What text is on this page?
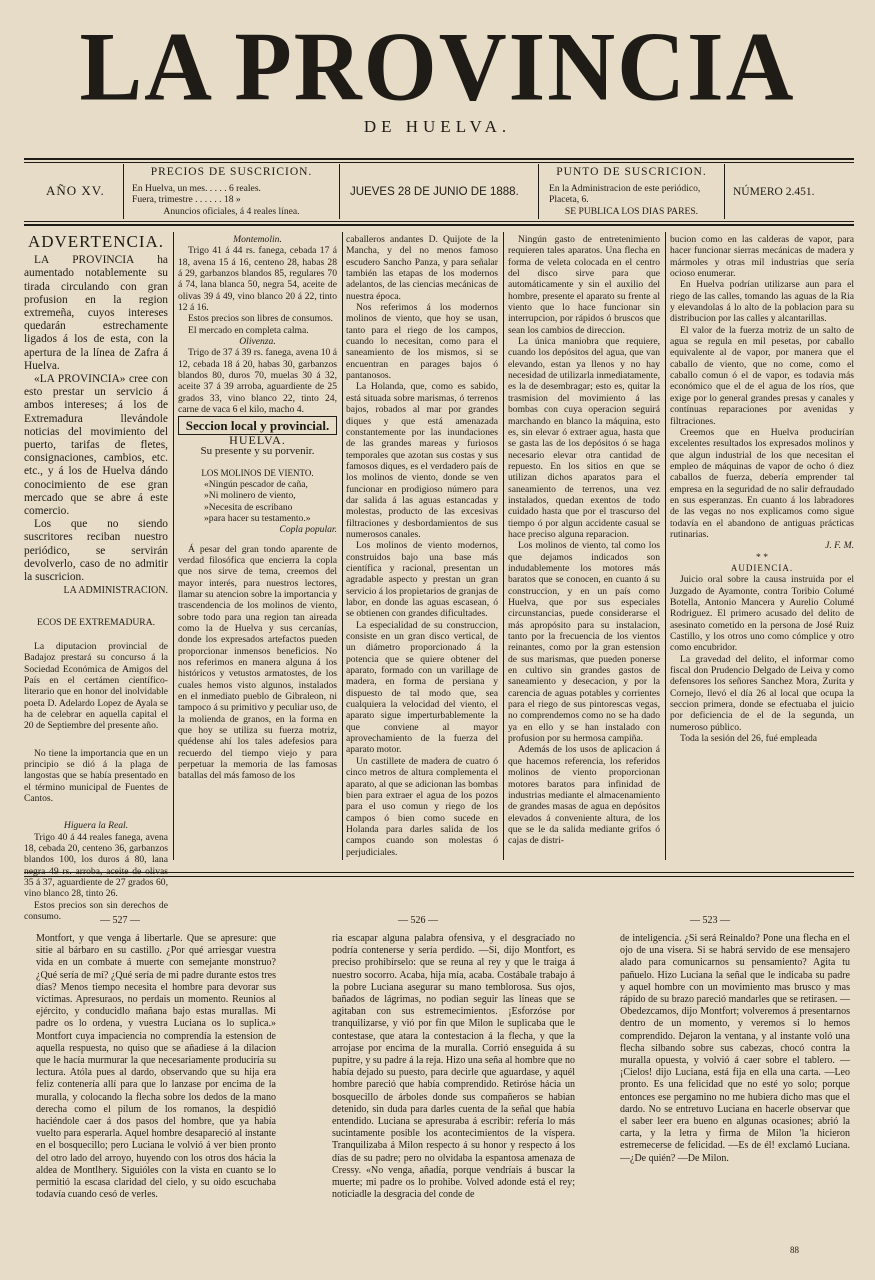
LA PROVINCIA
DE HUELVA.
AÑO XV.
PRECIOS DE SUSCRICION.
En Huelva, un mes. . . . . 6 reales.
Fuera, trimestre . . . . . . 18 »
Anuncios oficiales, á 4 reales línea.
JUEVES 28 DE JUNIO DE 1888.
PUNTO DE SUSCRICION.
En la Administracion de este periódico,
Placeta, 6.
SE PUBLICA LOS DIAS PARES.
NÚMERO 2.451.

ADVERTENCIA.

LA PROVINCIA ha aumentado notablemente su tirada circulando con gran profusion en la region extremeña, cuyos intereses quedarán estrechamente ligados á los de esta, con la apertura de la línea de Zafra á Huelva.

«LA PROVINCIA» cree con esto prestar un servicio á ambos intereses; á los de Extremadura llevándole noticias del movimiento del puerto, tarifas de fletes, consignaciones, cambios, etc. etc., y á los de Huelva dándo conocimiento de ese gran mercado que se abre á este comercio.

Los que no siendo suscritores reciban nuestro periódico, se servirán devolverlo, caso de no admitir la suscricion.

LA ADMINISTRACION.

ECOS DE EXTREMADURA.

La diputacion provincial de Badajoz prestará su concurso á la Sociedad Económica de Amigos del País en el certámen científico-literario que en honor del inolvidable poeta D. Adelardo Lopez de Ayala se ha de celebrar en aquella capital el 20 de Septiembre del presente año.

No tiene la importancia que en un principio se dió á la plaga de langostas que se había presentado en el término municipal de Fuentes de Cantos.

Higuera la Real.

Trigo 40 á 44 reales fanega, avena 18, cebada 20, centeno 36, garbanzos blandos 100, los duros á 80, lana 35 á 37, aguardiente de 27 grados 60, vino blanco 28, tinto 26.

Estos precios son sin derechos de consumo.

Montemolin.

Trigo 41 á 44 rs. fanega, cebada 17 á 18, avena 15 á 16, centeno 28, habas 28 á 29, garbanzos blandos 85, regulares 70 á 74, lana blanca 50, negra 54, aceite de olivas 39 á 49, vino blanco 20 á 22, tinto 12 á 16.

Estos precios son libres de consumos.

El mercado en completa calma.

Olivenza.

Trigo de 37 á 39 rs. fanega, avena 10 á 12, cebada 18 á 20, habas 30, garbanzos blandos 80, duros 70, muelas 30 á 32, aceite 37 á 39 arroba, aguardiente de 25 grados 33, vino blanco 22, tinto 24, carne de vaca 6 el kilo, macho 4.

Seccion local y provincial.

HUELVA.

Su presente y su porvenir.

LOS MOLINOS DE VIENTO.

«Ningún pescador de caña,

»Ni molinero de viento,

»Necesita de escribano

»para hacer su testamento.»

Copla popular.

Á pesar del gran tondo aparente de verdad filosófica que encierra la copla que nos sirve de tema, creemos del mayor interés, para nuestros lectores, llamar su atencion sobre la importancia y trascendencia de los molinos de viento, sobre todo para una region tan aireada como la de Huelva y sus cercanías, donde los expresados artefactos pueden proporcionar inmensos beneficios. No nos referimos en manera alguna á los históricos y vetustos armatostes, de los cuales hemos visto algunos, instalados en el inmediato pueblo de Gibraleon, ni tampoco á su primitivo y peculiar uso, de la molienda de granos, en la forma en que hoy se utiliza su fuerza motriz, quédense ahí los tales adefesios para recuerdo del tiempo viejo y para perpetuar la memoria de las famosas batallas del más famoso de los

caballeros andantes D. Quijote de la Mancha, y del no menos famoso escudero Sancho Panza, y para señalar también las etapas de los modernos adelantos, de las ciencias mecánicas de nuestra época.

Nos referimos á los modernos molinos de viento, que hoy se usan, tanto para el riego de los campos, cuando lo necesitan, como para el saneamiento de los mismos, si se encuentran en parages bajos ó pantanosos.

La Holanda, que, como es sabido, está situada sobre marismas, ó terrenos bajos, robados al mar por grandes diques y que está amenazada constantemente por las inundaciones de las grandes mareas y furiosos temporales que azotan sus costas y sus famosos diques, es el verdadero país de los molinos de viento, donde se ven funcionar en prodigioso número para dar salida á las aguas estancadas y molestas, producto de las excesivas filtraciones y desbordamientos de sus numerosos canales.

Los molinos de viento modernos, construidos bajo una base más científica y racional, presentan un agradable aspecto y prestan un gran servicio á los propietarios de granjas de labor, en donde las aguas escasean, ó se obtienen con grandes dificultades.

La especialidad de su construccion, consiste en un gran disco vertical, de un diámetro proporcionado á la potencia que se quiere obtener del aparato, formado con un varillage de madera, en forma de persiana y dispuesto de tal modo que, sea cualquiera la velocidad del viento, el aparato sigue imperturbablemente la que conviene al mayor aprovechamiento de la fuerza del aparato motor.

Un castillete de madera de cuatro ó cinco metros de altura complementa el aparato, al que se adicionan las bombas bien para extraer el agua de los pozos para el uso comun y riego de los campos ó bien como sucede en Holanda para darles salida de los campos cuando son molestas ó perjudiciales.

Ningún gasto de entretenimiento requieren tales aparatos. Una flecha en forma de veleta colocada en el centro del disco sirve para que automáticamente y sin el auxilio del hombre, presente el aparato su frente al viento que lo hace funcionar sin interrupcion, por rápidos ó bruscos que sean los cambios de direccion.

La única maniobra que requiere, cuando los depósitos del agua, que van elevando, estan ya llenos y no hay necesidad de utilizarla inmediatamente, es la de desembragar; esto es, quitar la trasmision del movimiento á las bombas con cuya operacion seguirá marchando en blanco la máquina, esto es, sin elevar ó extraer agua, hasta que se gasta las de los depósitos ó se haga necesario elevar otra cantidad de repuesto. En los sitios en que se utilizan dichos aparatos para el saneamiento de terrenos, una vez instalados, quedan exentos de todo cuidado hasta que por el trascurso del tiempo ó por algun accidente casual se hace preciso alguna reparacion.

Los molinos de viento, tal como los que dejamos indicados son indudablemente los motores más baratos que se conocen, en cuanto á su construccion, y en un país como Huelva, que por sus especiales circunstancias, puede considerarse el más apropósito para su instalacion, tanto por la frecuencia de los vientos reinantes, como por la gran estension de sus marismas, que pueden ponerse en cultivo sin grandes gastos de saneamiento y desecacion, y por la carencia de aguas potables y corrientes para el riego de sus pintorescas vegas, no comprendemos como no se ha dado ya en ello y se han instalado con profusion por su hermosa campiña.

Además de los usos de aplicacion á que hacemos referencia, los referidos molinos de viento proporcionan motores baratos para infinidad de industrias mediante el almacenamiento de grandes masas de agua en depósitos elevados á conveniente altura, de los que se le da salida mediante grifos ó cajas de distri-

bucion como en las calderas de vapor, para hacer funcionar sierras mecánicas de madera y mármoles y otras mil industrias que sería ocioso enumerar.

En Huelva podrían utilizarse aun para el riego de las calles, tomando las aguas de la Ria y elevandolas á lo alto de la poblacion para su distribucion por las calles y alcantarillas.

El valor de la fuerza motriz de un salto de agua se regula en mil pesetas, por caballo equivalente al de vapor, por manera que el caballo de viento, que no come, como el caballo comun ó el de vapor, es todavia más económico que el de el agua de los ríos, que exige por lo general grandes presas y canales y contínuas reparaciones por avenidas y filtraciones.

Creemos que en Huelva producirían excelentes resultados los expresados molinos y que algun industrial de los que necesitan el empleo de máquinas de vapor de ocho ó diez caballos de fuerza, debería emprender tal empresa en la seguridad de no salir defraudado en sus esperanzas. En cuanto á los labradores de las vegas no nos explicamos como sigue todavía en el abandono de antiguas prácticas rutinarias.

J. F. M.

* *

AUDIENCIA.

Juicio oral sobre la causa instruida por el Juzgado de Ayamonte, contra Toribio Columé Botella, Antonio Mancera y Aurelio Columé Rodriguez. El primero acusado del delito de asesinato cometido en la persona de José Ruiz Castillo, y los otros uno como cómplice y otro como encubridor.

La gravedad del delito, el informar como fiscal don Prudencio Delgado de Leiva y como defensores los señores Sanchez Mora, Zurita y Cornejo, llevó el día 26 al local que ocupa la seccion primera, donde se efectuaba el juicio por deficiencia de el de la segunda, un numeroso público.

Toda la sesión del 26, fué empleada

— 527 —	— 526 —	— 523 —

Montfort, y que venga á libertarle. Que se apresure: que sitie al bárbaro en su castillo. ¿Por qué arriesgar vuestra vida en un combate á muerte con semejante monstruo? ¿Qué sería de mí? ¿Qué sería de mi padre durante estos tres días? Menos tiempo necesita el hombre para devorar sus víctimas. Apresuraos, no perdais un momento. Reunios al ejército, y conducidlo mañana bajo estas murallas. Mi padre os lo ordena, y vuestra Luciana os lo suplica.» Montfort cuya impaciencia no comprendía la estension de aquella respuesta, no quiso que se añadiese á la dilacion que le hacía murmurar la que necesariamente produciría su lectura. Atóla pues al dardo, observando que su hija era feliz contenería allí para que lo lanzase por encima de la muralla, y colocando la flecha sobre los dedos de la mano derecha como el pilum de los romanos, la despidió haciéndole caer á dos pasos del hombre, que ya había vuelto para esperarla. Aquel hombre desapareció al instante en el bosquecillo; pero Luciana le volvió á ver bien pronto del otro lado del arroyo, huyendo con los otros dos hácia la aldea de Montlhery. Siguióles con la vista en cuanto se lo permitió la escasa claridad del cielo, y su oido escuchaba todavía cuando cesó de verles.

ria escapar alguna palabra ofensiva, y el desgraciado no podría contenerse y sería perdido. —Si, dijo Montfort, es preciso prohibírselo: que se reuna al rey y que le traiga á nuestro socorro. Acaba, hija mía, acaba. Costábale trabajo á la pobre Luciana asegurar su mano temblorosa. Sus ojos, bañados de lágrimas, no podian seguir las líneas que se agitaban con sus estremecimientos. ¡Esforzóse por tranquilizarse, y vió por fin que Milon le suplicaba que le contestase, que atara la contestacion á la flecha, y que la arrojase por encima de la muralla. Corrió enseguida á su pupitre, y su padre á la reja. Hizo una seña al hombre que no había dejado su puesto, para decirle que aguardase, y aquél hombre pareció que había comprendido. Retiróse hácia un bosquecillo de árboles donde sus compañeros se habian detenido, sin duda para darles cuenta de la señal que había entendido. Luciana se apresuraba á escribir: refería lo más sucintamente posible los acontecimientos de la víspera. Tranquilizaba á Milon respecto á su honor y respecto á los días de su padre; pero no olvidaba la espantosa amenaza de Cressy. «No venga, añadía, porque vendríais á buscar la muerte; mi padre os lo prohibe. Volved adonde está el rey; noticiadle la desgracia del conde de

de inteligencia. ¿Si será Reinaldo? Pone una flecha en el ojo de una visera. Si se habrá servido de ese mensajero alado para comunicarnos su pensamiento? Agita tu pañuelo. Hizo Luciana la señal que le indicaba su padre y aquel hombre con un movimiento mas brusco y mas rápido de su brazo pareció mandarles que se retirasen. —Obedezcamos, dijo Montfort; volveremos á presentarnos dentro de un momento, y veremos si lo hemos comprendido. Dejaron la ventana, y al instante voló una flecha silbando sobre sus cabezas, chocó contra la muralla opuesta, y volvió á caer sobre el tablero. —¡Cielos! dijo Luciana, está fija en ella una carta. —Leo pronto. Es una felicidad que no esté yo solo; porque entonces ese pergamino no me hubiera dicho mas que el dardo. No se entretuvo Luciana en hacerle observar que el saber leer era bueno en algunas ocasiones; abrió la carta, y la letra y firma de Milon 'la hicieron estremecerse de felicidad. —Es de él! exclamó Luciana. —¿De quién? —De Milon.

88
